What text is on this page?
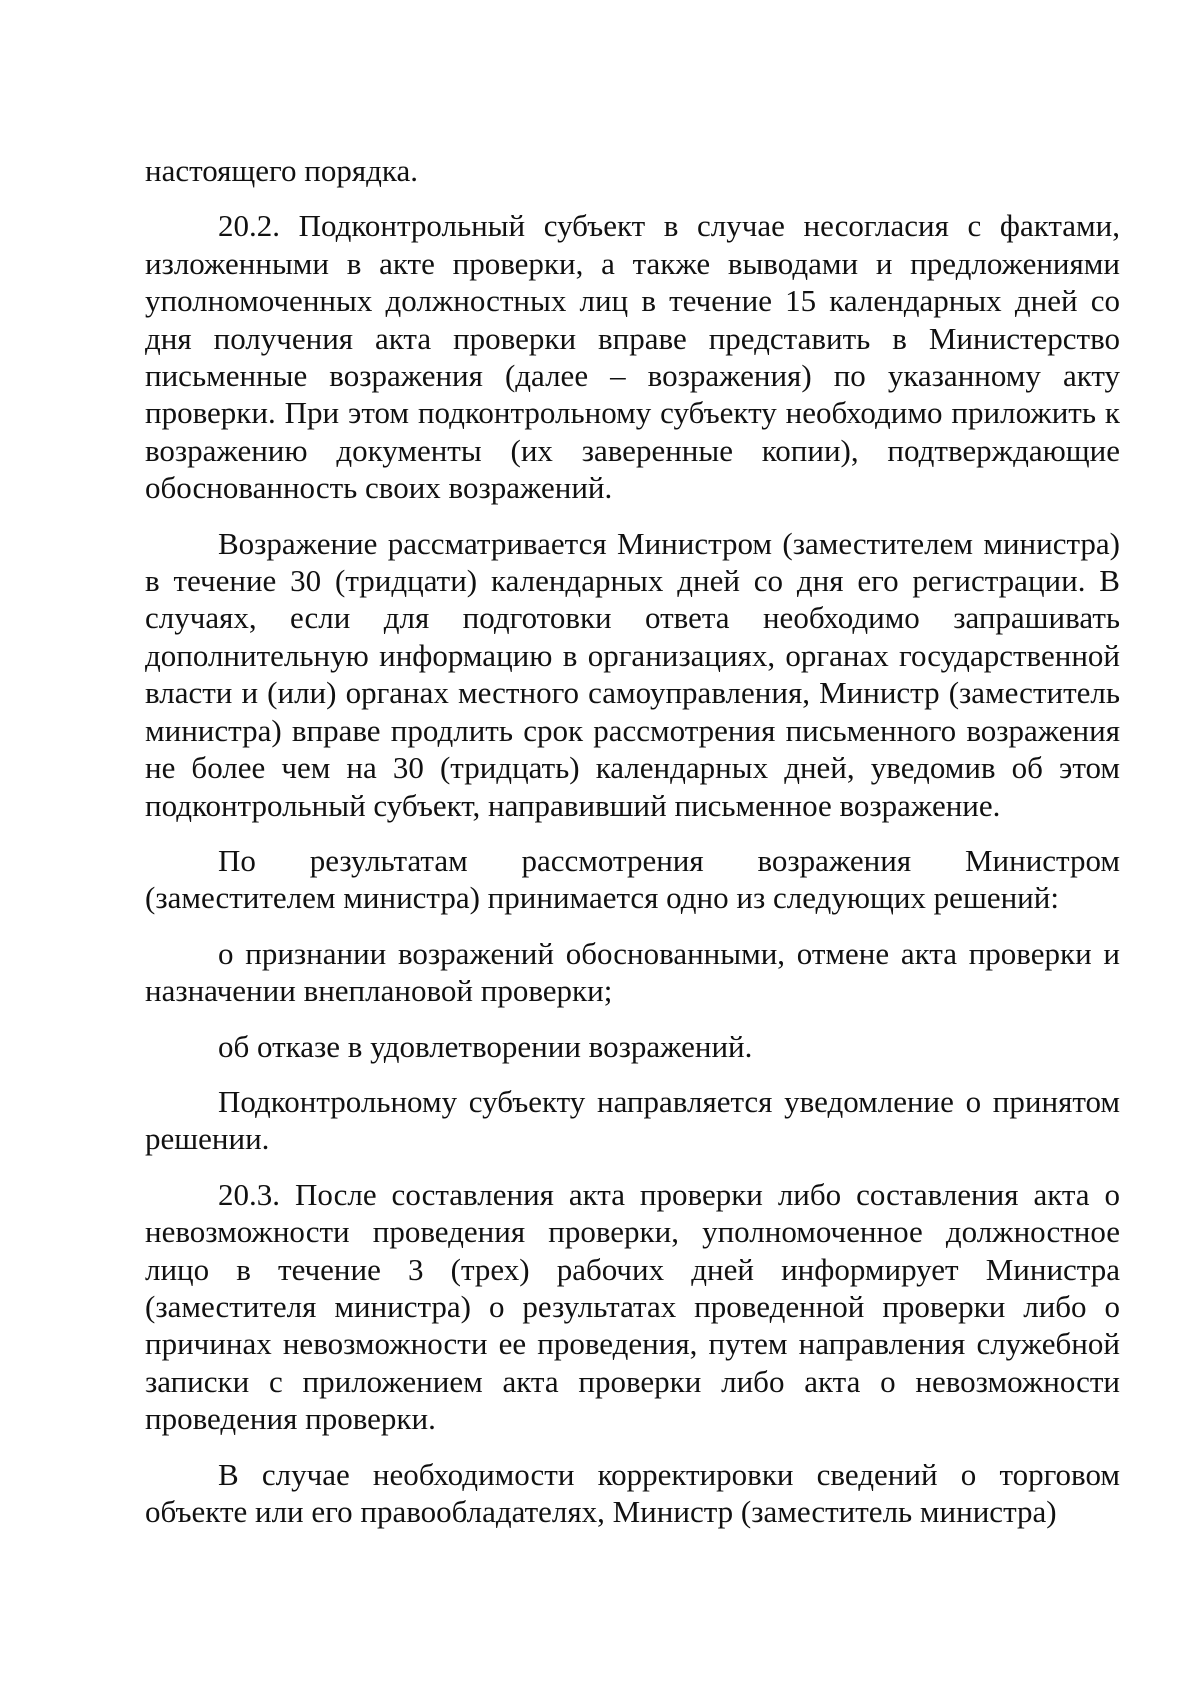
настоящего порядка.

20.2. Подконтрольный субъект в случае несогласия с фактами, изложенными в акте проверки, а также выводами и предложениями уполномоченных должностных лиц в течение 15 календарных дней со дня получения акта проверки вправе представить в Министерство письменные возражения (далее – возражения) по указанному акту проверки. При этом подконтрольному субъекту необходимо приложить к возражению документы (их заверенные копии), подтверждающие обоснованность своих возражений.

Возражение рассматривается Министром (заместителем министра) в течение 30 (тридцати) календарных дней со дня его регистрации. В случаях, если для подготовки ответа необходимо запрашивать дополнительную информацию в организациях, органах государственной власти и (или) органах местного самоуправления, Министр (заместитель министра) вправе продлить срок рассмотрения письменного возражения не более чем на 30 (тридцать) календарных дней, уведомив об этом подконтрольный субъект, направивший письменное возражение.

По результатам рассмотрения возражения Министром (заместителем министра) принимается одно из следующих решений:

о признании возражений обоснованными, отмене акта проверки и назначении внеплановой проверки;

об отказе в удовлетворении возражений.

Подконтрольному субъекту направляется уведомление о принятом решении.

20.3. После составления акта проверки либо составления акта о невозможности проведения проверки, уполномоченное должностное лицо в течение 3 (трех) рабочих дней информирует Министра (заместителя министра) о результатах проведенной проверки либо о причинах невозможности ее проведения, путем направления служебной записки с приложением акта проверки либо акта о невозможности проведения проверки.

В случае необходимости корректировки сведений о торговом объекте или его правообладателях, Министр (заместитель министра)
